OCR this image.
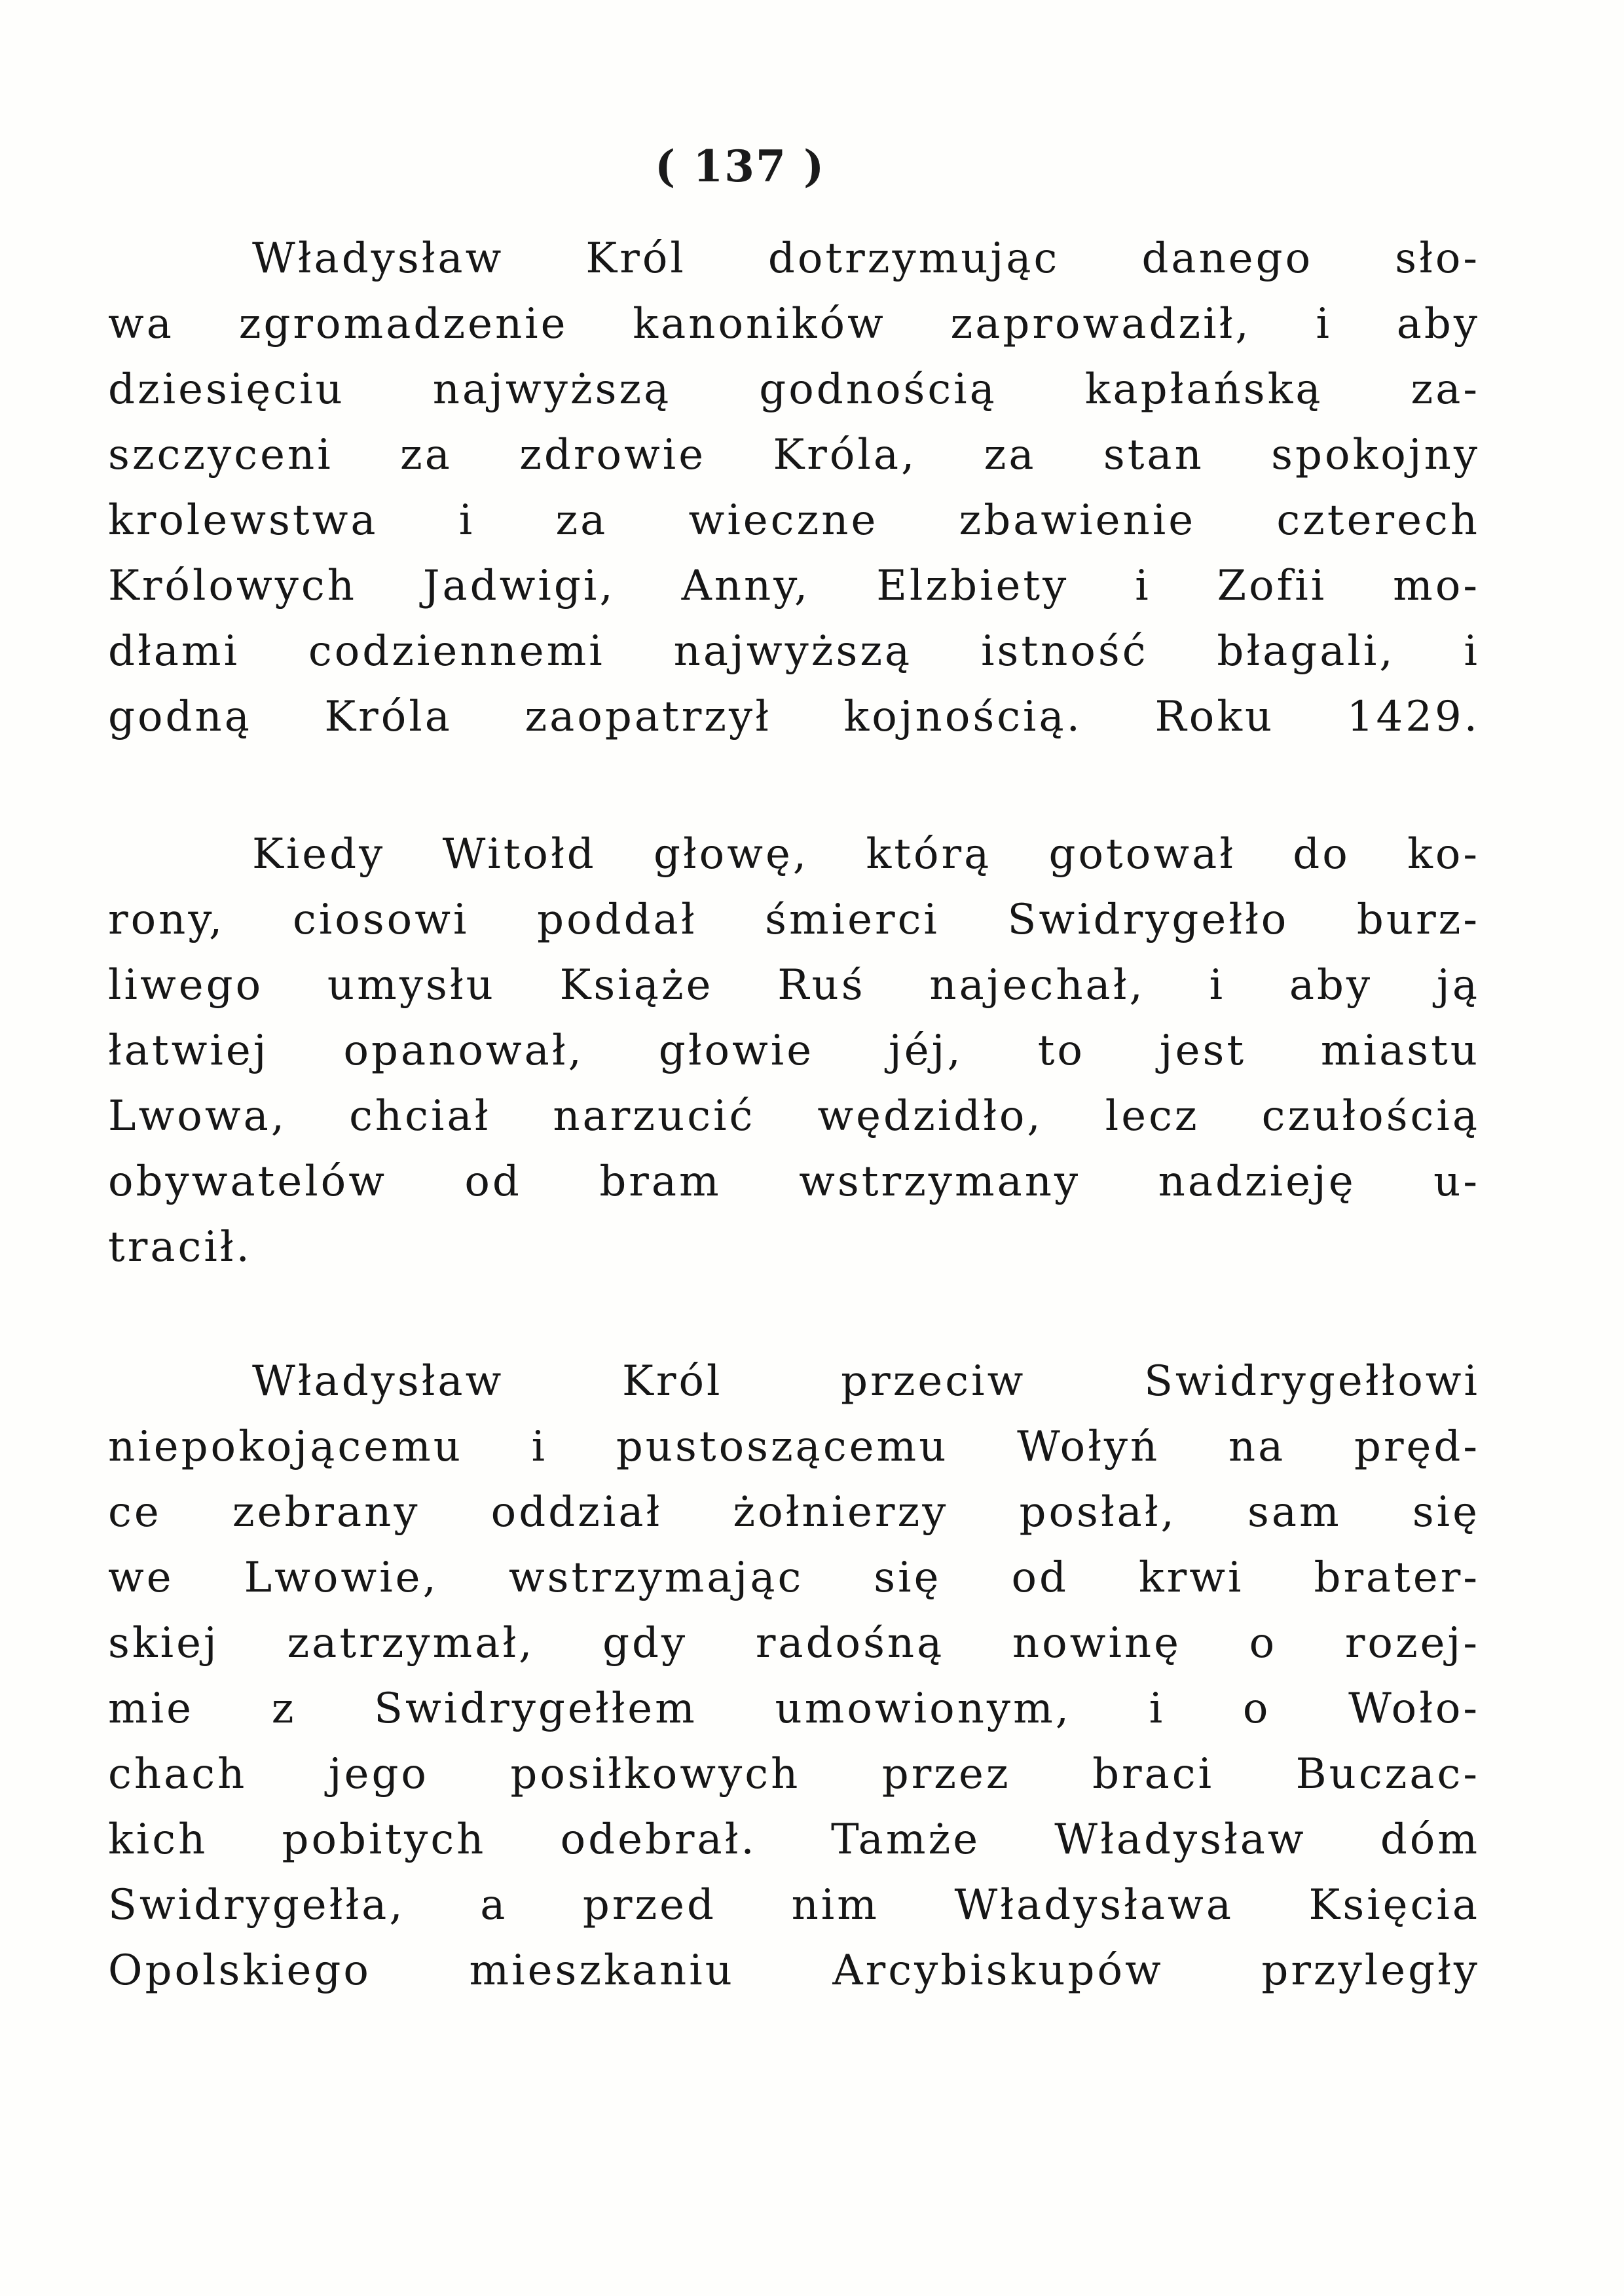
( 137 )
Władysław Król dotrzymując danego sło-
wa zgromadzenie kanoników zaprowadził, i aby
dziesięciu najwyższą godnością kapłańską za-
szczyceni za zdrowie Króla, za stan spokojny
krolewstwa i za wieczne zbawienie czterech
Królowych Jadwigi, Anny, Elzbiety i Zofii mo-
dłami codziennemi najwyższą istność błagali, i
godną Króla zaopatrzył kojnością. Roku 1429.
Kiedy Witołd głowę, którą gotował do ko-
rony, ciosowi poddał śmierci Swidrygełło burz-
liwego umysłu Książe Ruś najechał, i aby ją
łatwiej opanował, głowie jéj, to jest miastu
Lwowa, chciał narzucić wędzidło, lecz czułością
obywatelów od bram wstrzymany nadzieję u-
tracił.
Władysław Król przeciw Swidrygełłowi
niepokojącemu i pustoszącemu Wołyń na pręd-
ce zebrany oddział żołnierzy posłał, sam się
we Lwowie, wstrzymając się od krwi brater-
skiej zatrzymał, gdy radośną nowinę o rozej-
mie z Swidrygełłem umowionym, i o Woło-
chach jego posiłkowych przez braci Buczac-
kich pobitych odebrał. Tamże Władysław dóm
Swidrygełła, a przed nim Władysława Księcia
Opolskiego mieszkaniu Arcybiskupów przyległy
